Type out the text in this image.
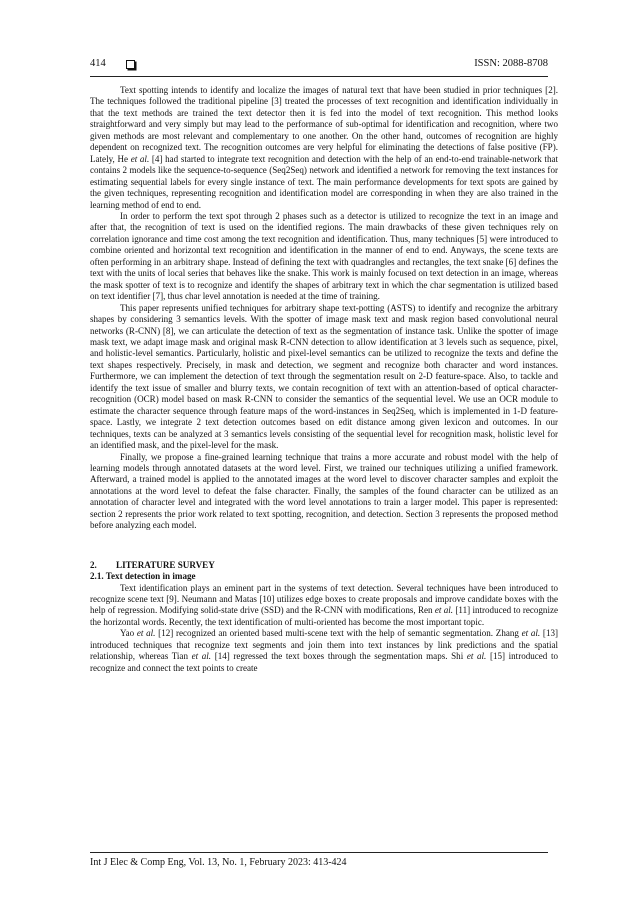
414	ISSN: 2088-8708

Text spotting intends to identify and localize the images of natural text that have been studied in prior techniques [2]. The techniques followed the traditional pipeline [3] treated the processes of text recognition and identification individually in that the text methods are trained the text detector then it is fed into the model of text recognition. This method looks straightforward and very simply but may lead to the performance of sub-optimal for identification and recognition, where two given methods are most relevant and complementary to one another. On the other hand, outcomes of recognition are highly dependent on recognized text. The recognition outcomes are very helpful for eliminating the detections of false positive (FP). Lately, He et al. [4] had started to integrate text recognition and detection with the help of an end-to-end trainable-network that contains 2 models like the sequence-to-sequence (Seq2Seq) network and identified a network for removing the text instances for estimating sequential labels for every single instance of text. The main performance developments for text spots are gained by the given techniques, representing recognition and identification model are corresponding in when they are also trained in the learning method of end to end.

In order to perform the text spot through 2 phases such as a detector is utilized to recognize the text in an image and after that, the recognition of text is used on the identified regions. The main drawbacks of these given techniques rely on correlation ignorance and time cost among the text recognition and identification. Thus, many techniques [5] were introduced to combine oriented and horizontal text recognition and identification in the manner of end to end. Anyways, the scene texts are often performing in an arbitrary shape. Instead of defining the text with quadrangles and rectangles, the text snake [6] defines the text with the units of local series that behaves like the snake. This work is mainly focused on text detection in an image, whereas the mask spotter of text is to recognize and identify the shapes of arbitrary text in which the char segmentation is utilized based on text identifier [7], thus char level annotation is needed at the time of training.

This paper represents unified techniques for arbitrary shape text-potting (ASTS) to identify and recognize the arbitrary shapes by considering 3 semantics levels. With the spotter of image mask text and mask region based convolutional neural networks (R-CNN) [8], we can articulate the detection of text as the segmentation of instance task. Unlike the spotter of image mask text, we adapt image mask and original mask R-CNN detection to allow identification at 3 levels such as sequence, pixel, and holistic-level semantics. Particularly, holistic and pixel-level semantics can be utilized to recognize the texts and define the text shapes respectively. Precisely, in mask and detection, we segment and recognize both character and word instances. Furthermore, we can implement the detection of text through the segmentation result on 2-D feature-space. Also, to tackle and identify the text issue of smaller and blurry texts, we contain recognition of text with an attention-based of optical character-recognition (OCR) model based on mask R-CNN to consider the semantics of the sequential level. We use an OCR module to estimate the character sequence through feature maps of the word-instances in Seq2Seq, which is implemented in 1-D feature-space. Lastly, we integrate 2 text detection outcomes based on edit distance among given lexicon and outcomes. In our techniques, texts can be analyzed at 3 semantics levels consisting of the sequential level for recognition mask, holistic level for an identified mask, and the pixel-level for the mask.

Finally, we propose a fine-grained learning technique that trains a more accurate and robust model with the help of learning models through annotated datasets at the word level. First, we trained our techniques utilizing a unified framework. Afterward, a trained model is applied to the annotated images at the word level to discover character samples and exploit the annotations at the word level to defeat the false character. Finally, the samples of the found character can be utilized as an annotation of character level and integrated with the word level annotations to train a larger model. This paper is represented: section 2 represents the prior work related to text spotting, recognition, and detection. Section 3 represents the proposed method before analyzing each model.

2. LITERATURE SURVEY
2.1. Text detection in image

Text identification plays an eminent part in the systems of text detection. Several techniques have been introduced to recognize scene text [9]. Neumann and Matas [10] utilizes edge boxes to create proposals and improve candidate boxes with the help of regression. Modifying solid-state drive (SSD) and the R-CNN with modifications, Ren et al. [11] introduced to recognize the horizontal words. Recently, the text identification of multi-oriented has become the most important topic.

Yao et al. [12] recognized an oriented based multi-scene text with the help of semantic segmentation. Zhang et al. [13] introduced techniques that recognize text segments and join them into text instances by link predictions and the spatial relationship, whereas Tian et al. [14] regressed the text boxes through the segmentation maps. Shi et al. [15] introduced to recognize and connect the text points to create

Int J Elec & Comp Eng, Vol. 13, No. 1, February 2023: 413-424
